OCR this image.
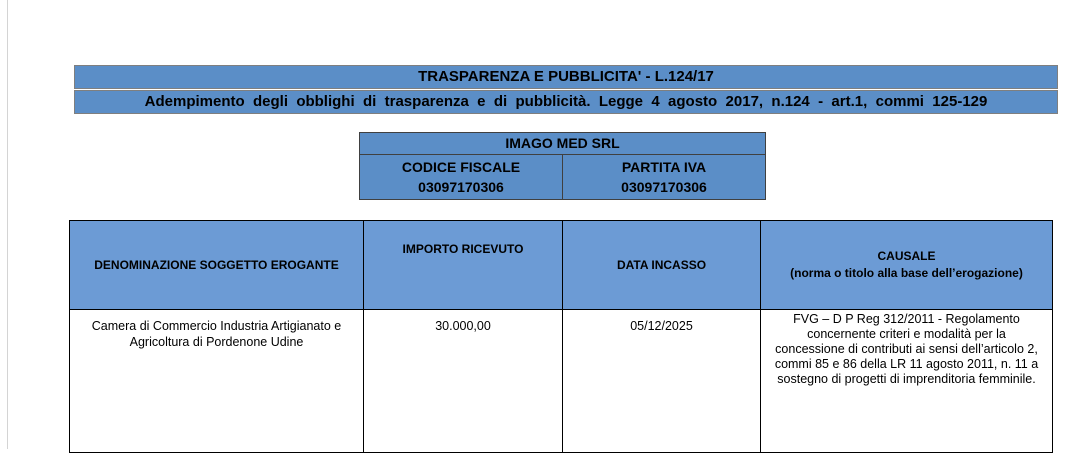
TRASPARENZA E PUBBLICITA' - L.124/17
Adempimento  degli  obblighi  di  trasparenza  e  di  pubblicità.  Legge  4  agosto  2017,  n.124  -  art.1,  commi  125-129
IMAGO MED SRL

CODICE FISCALE
03097170306

PARTITA IVA
03097170306
DENOMINAZIONE SOGGETTO EROGANTE	IMPORTO RICEVUTO	DATA INCASSO	CAUSALE
(norma o titolo alla base dell’erogazione)

Camera di Commercio Industria Artigianato e Agricoltura di Pordenone Udine	30.000,00	05/12/2025	FVG – D P Reg 312/2011 - Regolamento concernente criteri e modalità per la concessione di contributi ai sensi dell’articolo 2, commi 85 e 86 della LR 11 agosto 2011, n. 11 a sostegno di progetti di imprenditoria femminile.
